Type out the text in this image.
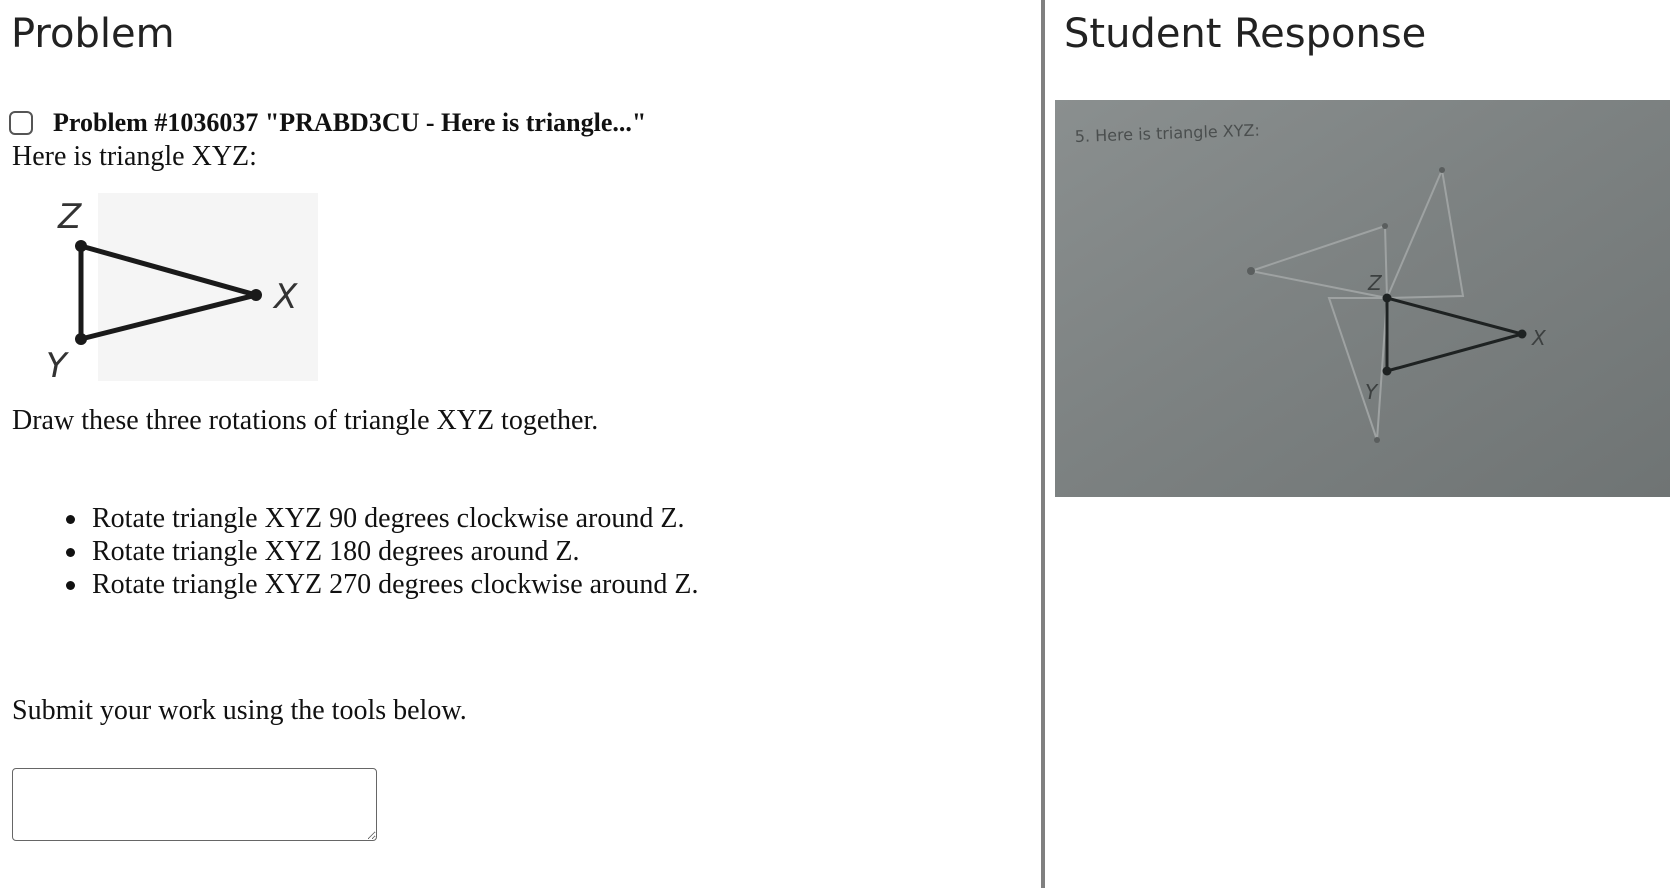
Problem
Problem #1036037 "PRABD3CU - Here is triangle..."

Here is triangle XYZ:

Z
X
Y

Draw these three rotations of triangle XYZ together.

Rotate triangle XYZ 90 degrees clockwise around Z.
Rotate triangle XYZ 180 degrees around Z.
Rotate triangle XYZ 270 degrees clockwise around Z.

Submit your work using the tools below.

Student Response
5. Here is triangle XYZ:
Z
X
Y
